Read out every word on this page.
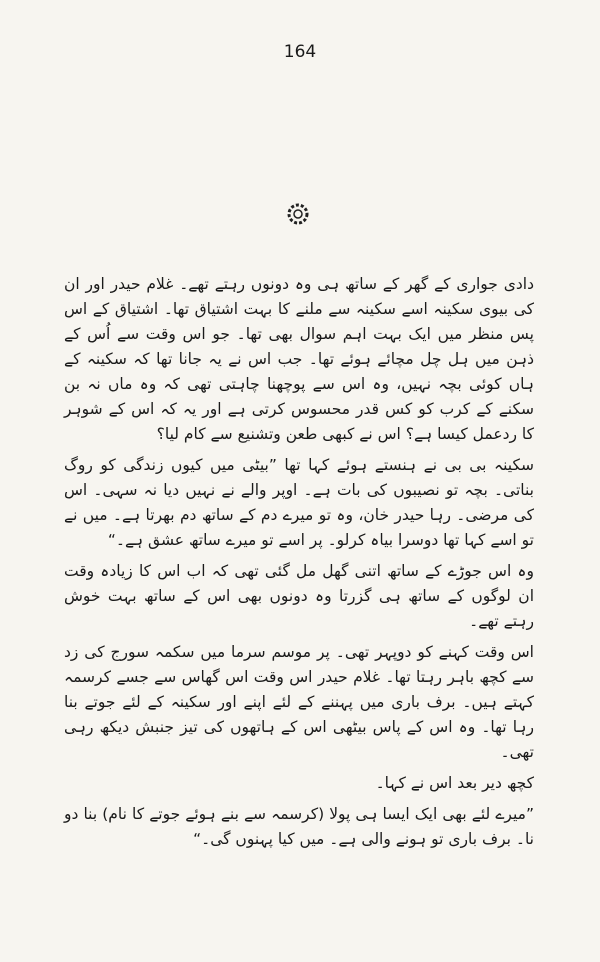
164

دادی جواری کے گھر کے ساتھ ہی وہ دونوں رہتے تھے۔ غلام حیدر اور ان کی بیوی سکینہ اسے سکینہ سے ملنے کا بہت اشتیاق تھا۔ اشتیاق کے اس پس منظر میں ایک بہت اہم سوال بھی تھا۔ جو اس وقت سے اُس کے ذہن میں ہل چل مچائے ہوئے تھا۔ جب اس نے یہ جانا تھا کہ سکینہ کے ہاں کوئی بچہ نہیں، وہ اس سے پوچھنا چاہتی تھی کہ وہ ماں نہ بن سکنے کے کرب کو کس قدر محسوس کرتی ہے اور یہ کہ اس کے شوہر کا ردعمل کیسا ہے؟ اس نے کبھی طعن وتشنیع سے کام لیا؟

سکینہ بی بی نے ہنستے ہوئے کہا تھا ”بیٹی میں کیوں زندگی کو روگ بناتی۔ بچہ تو نصیبوں کی بات ہے۔ اوپر والے نے نہیں دیا نہ سہی۔ اس کی مرضی۔ رہا حیدر خان، وہ تو میرے دم کے ساتھ دم بھرتا ہے۔ میں نے تو اسے کہا تھا دوسرا بیاہ کرلو۔ پر اسے تو میرے ساتھ عشق ہے۔“

وہ اس جوڑے کے ساتھ اتنی گھل مل گئی تھی کہ اب اس کا زیادہ وقت ان لوگوں کے ساتھ ہی گزرتا وہ دونوں بھی اس کے ساتھ بہت خوش رہتے تھے۔

اس وقت کہنے کو دوپہر تھی۔ پر موسم سرما میں سکمہ سورج کی زد سے کچھ باہر رہتا تھا۔ غلام حیدر اس وقت اس گھاس سے جسے کرسمہ کہتے ہیں۔ برف باری میں پہننے کے لئے اپنے اور سکینہ کے لئے جوتے بنا رہا تھا۔ وہ اس کے پاس بیٹھی اس کے ہاتھوں کی تیز جنبش دیکھ رہی تھی۔

کچھ دیر بعد اس نے کہا۔

”میرے لئے بھی ایک ایسا ہی پولا (کرسمہ سے بنے ہوئے جوتے کا نام) بنا دو نا۔ برف باری تو ہونے والی ہے۔ میں کیا پہنوں گی۔“
